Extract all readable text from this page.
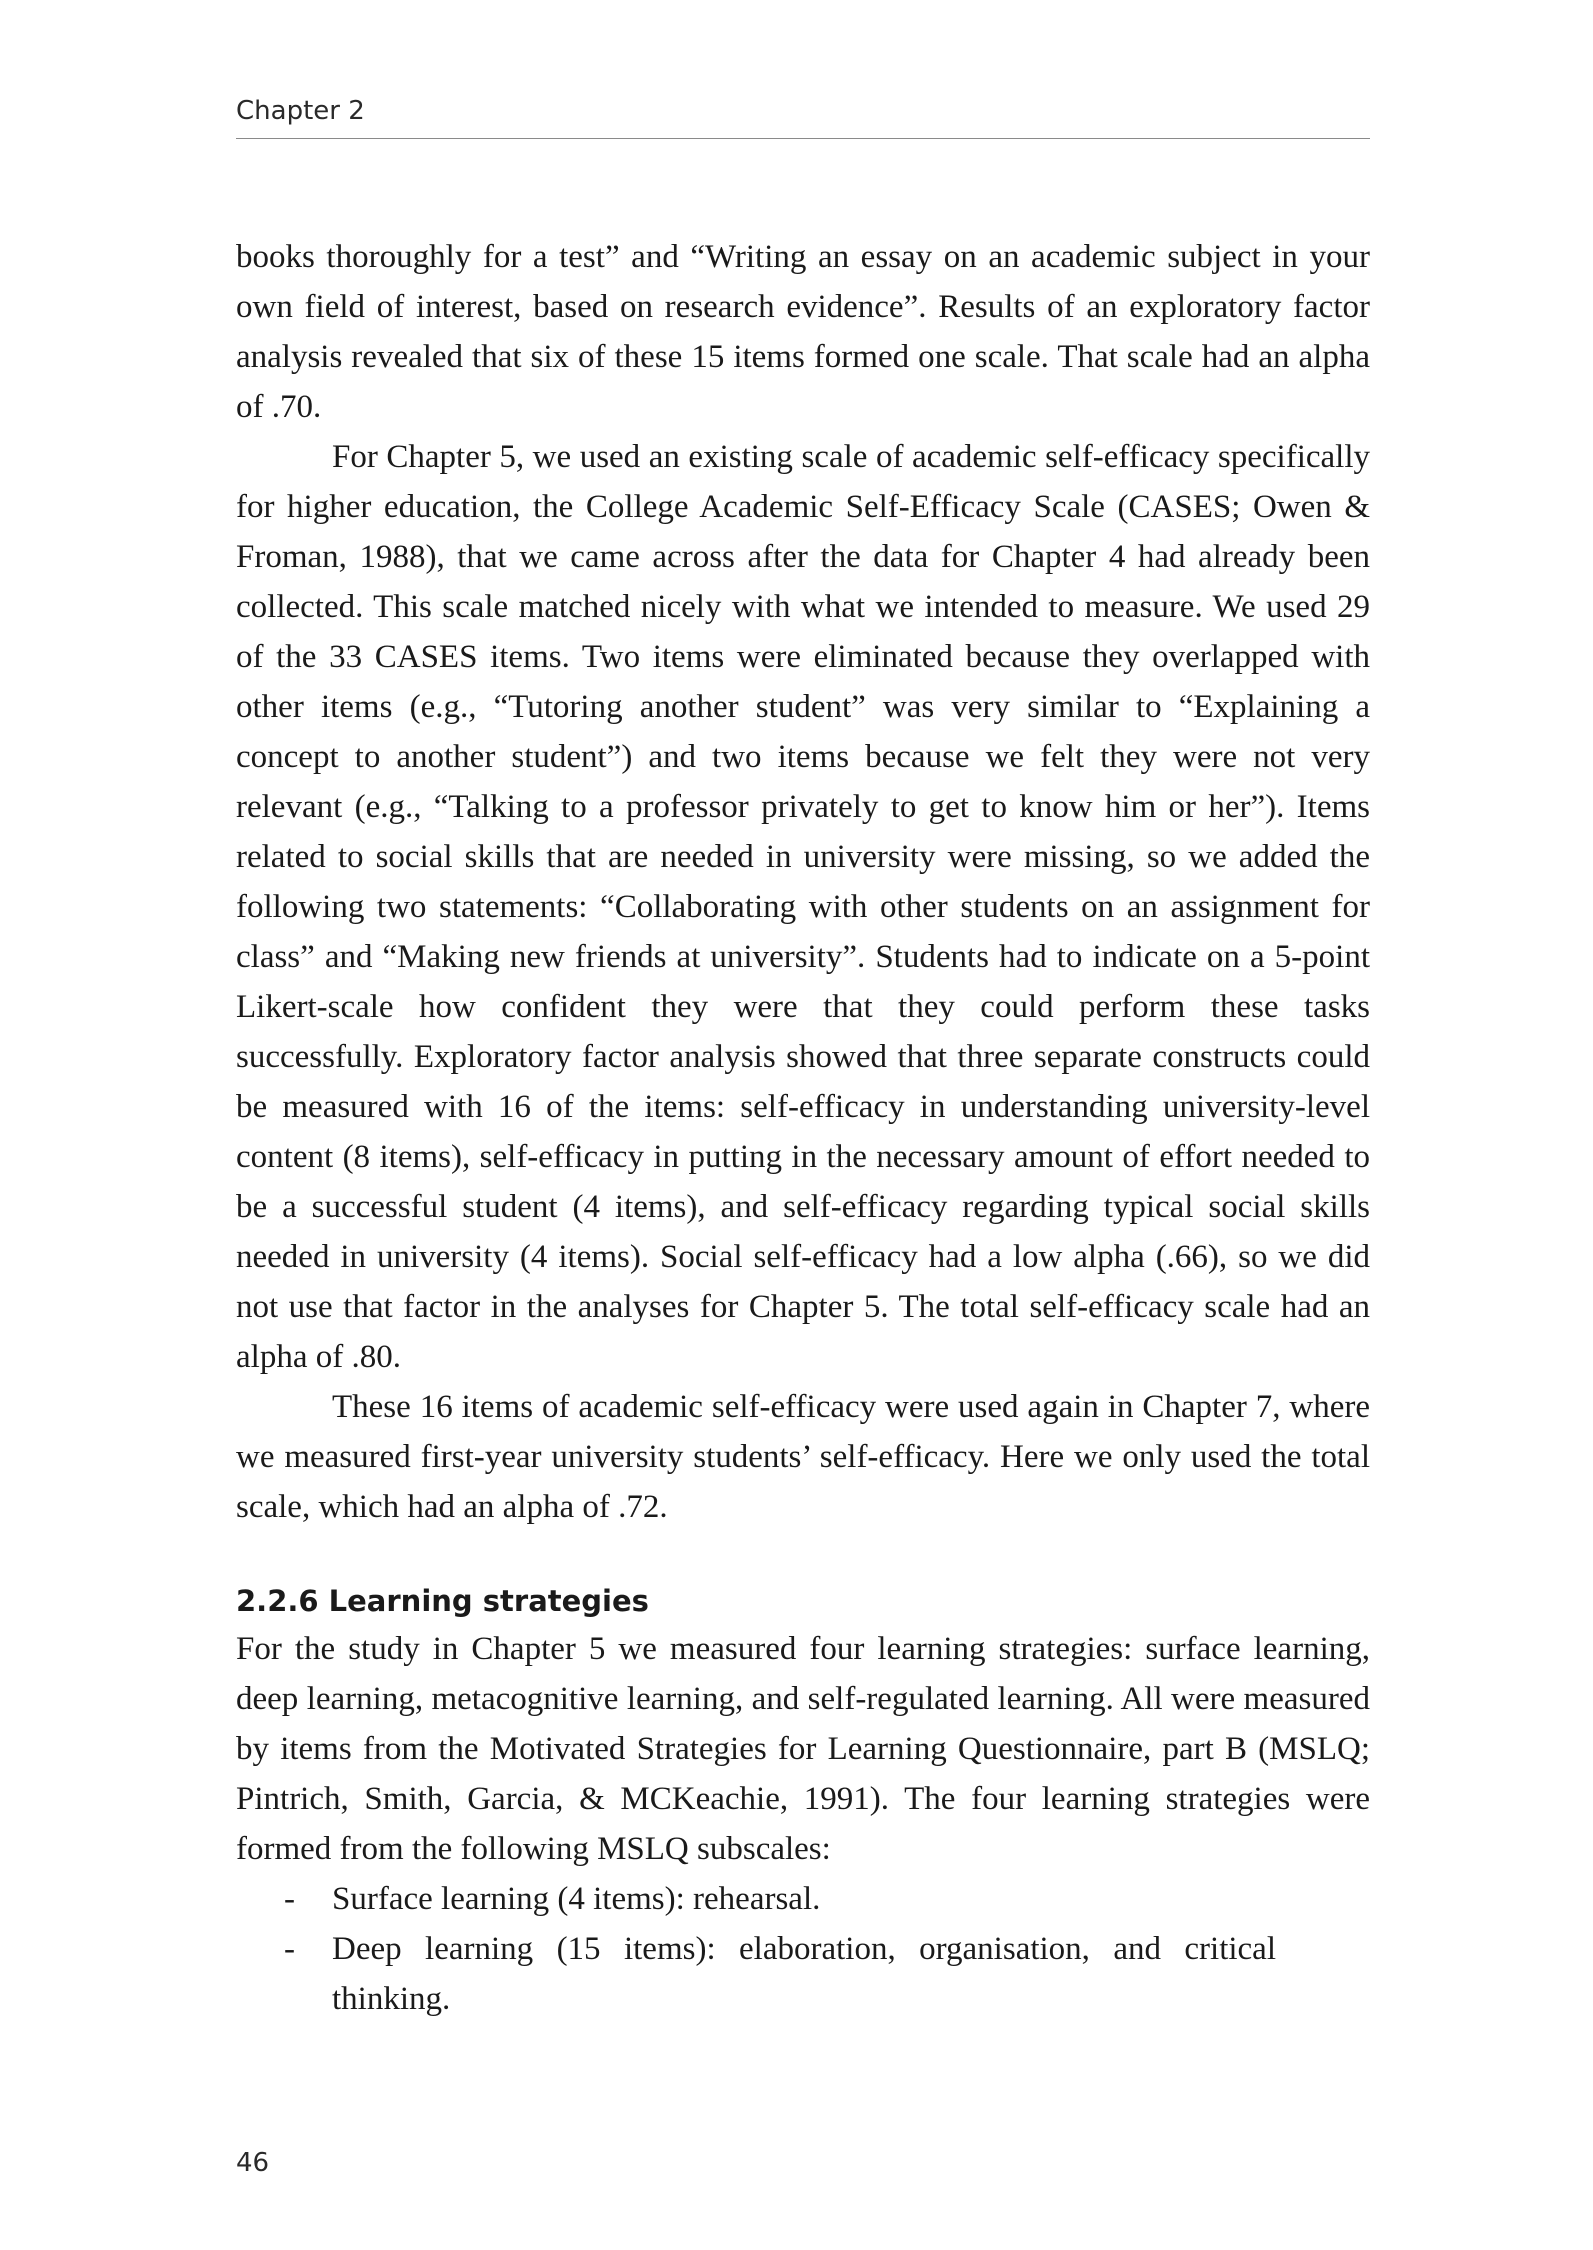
Chapter 2

books thoroughly for a test” and “Writing an essay on an academic subject in your own field of interest, based on research evidence”. Results of an exploratory factor analysis revealed that six of these 15 items formed one scale. That scale had an alpha of .70.

For Chapter 5, we used an existing scale of academic self-efficacy specifically for higher education, the College Academic Self-Efficacy Scale (CASES; Owen & Froman, 1988), that we came across after the data for Chapter 4 had already been collected. This scale matched nicely with what we intended to measure. We used 29 of the 33 CASES items. Two items were eliminated because they overlapped with other items (e.g., “Tutoring another student” was very similar to “Explaining a concept to another student”) and two items because we felt they were not very relevant (e.g., “Talking to a professor privately to get to know him or her”). Items related to social skills that are needed in university were missing, so we added the following two statements: “Collaborating with other students on an assignment for class” and “Making new friends at university”. Students had to indicate on a 5-point Likert-scale how confident they were that they could perform these tasks successfully. Exploratory factor analysis showed that three separate constructs could be measured with 16 of the items: self-efficacy in understanding university-level content (8 items), self-efficacy in putting in the necessary amount of effort needed to be a successful student (4 items), and self-efficacy regarding typical social skills needed in university (4 items). Social self-efficacy had a low alpha (.66), so we did not use that factor in the analyses for Chapter 5. The total self-efficacy scale had an alpha of .80.

These 16 items of academic self-efficacy were used again in Chapter 7, where we measured first-year university students’ self-efficacy. Here we only used the total scale, which had an alpha of .72.

2.2.6 Learning strategies

For the study in Chapter 5 we measured four learning strategies: surface learning, deep learning, metacognitive learning, and self-regulated learning. All were measured by items from the Motivated Strategies for Learning Questionnaire, part B (MSLQ; Pintrich, Smith, Garcia, & MCKeachie, 1991). The four learning strategies were formed from the following MSLQ subscales:

- Surface learning (4 items): rehearsal.
- Deep learning (15 items): elaboration, organisation, and critical thinking.
46
